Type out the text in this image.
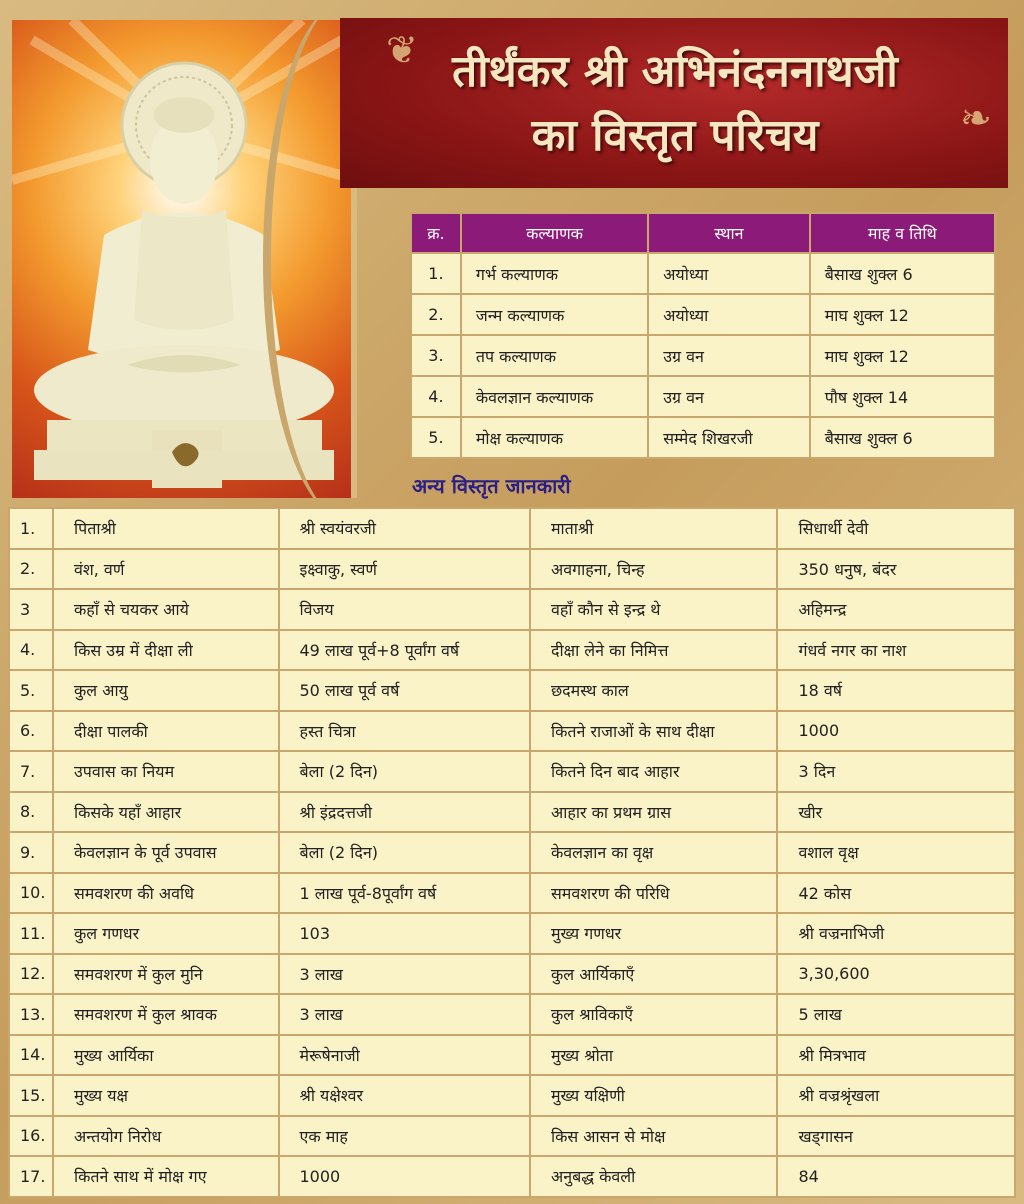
❦
❧
तीर्थंकर श्री अभिनंदननाथजी
का विस्तृत परिचय
क्र.	कल्याणक	स्थान	माह व तिथि
1.	गर्भ कल्याणक	अयोध्या	बैसाख शुक्ल 6
2.	जन्म कल्याणक	अयोध्या	माघ शुक्ल 12
3.	तप कल्याणक	उग्र वन	माघ शुक्ल 12
4.	केवलज्ञान कल्याणक	उग्र वन	पौष शुक्ल 14
5.	मोक्ष कल्याणक	सम्मेद शिखरजी	बैसाख शुक्ल 6
अन्य विस्तृत जानकारी
1.	पिताश्री	श्री स्वयंवरजी	माताश्री	सिधार्थी देवी
2.	वंश, वर्ण	इक्ष्वाकु, स्वर्ण	अवगाहना, चिन्ह	350 धनुष, बंदर
3	कहाँ से चयकर आये	विजय	वहाँ कौन से इन्द्र थे	अहिमन्द्र
4.	किस उम्र में दीक्षा ली	49 लाख पूर्व+8 पूर्वांग वर्ष	दीक्षा लेने का निमित्त	गंधर्व नगर का नाश
5.	कुल आयु	50 लाख पूर्व वर्ष	छदमस्थ काल	18 वर्ष
6.	दीक्षा पालकी	हस्त चित्रा	कितने राजाओं के साथ दीक्षा	1000
7.	उपवास का नियम	बेला (2 दिन)	कितने दिन बाद आहार	3 दिन
8.	किसके यहाँ आहार	श्री इंद्रदत्तजी	आहार का प्रथम ग्रास	खीर
9.	केवलज्ञान के पूर्व उपवास	बेला (2 दिन)	केवलज्ञान का वृक्ष	वशाल वृक्ष
10.	समवशरण की अवधि	1 लाख पूर्व-8पूर्वांग वर्ष	समवशरण की परिधि	42 कोस
11.	कुल गणधर	103	मुख्य गणधर	श्री वज्रनाभिजी
12.	समवशरण में कुल मुनि	3 लाख	कुल आर्यिकाएँ	3,30,600
13.	समवशरण में कुल श्रावक	3 लाख	कुल श्राविकाएँ	5 लाख
14.	मुख्य आर्यिका	मेरूषेनाजी	मुख्य श्रोता	श्री मित्रभाव
15.	मुख्य यक्ष	श्री यक्षेश्वर	मुख्य यक्षिणी	श्री वज्रश्रृंखला
16.	अन्तयोग निरोध	एक माह	किस आसन से मोक्ष	खड्गासन
17.	कितने साथ में मोक्ष गए	1000	अनुबद्ध केवली	84
